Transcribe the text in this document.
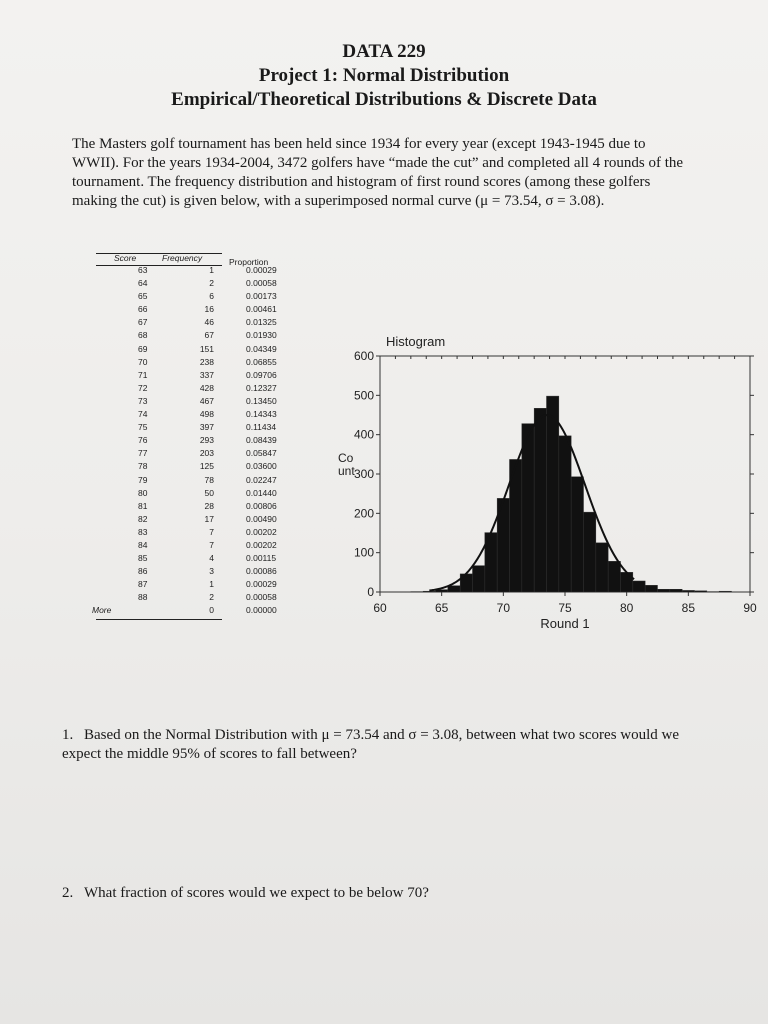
DATA 229

Project 1: Normal Distribution

Empirical/Theoretical Distributions & Discrete Data

The Masters golf tournament has been held since 1934 for every year (except 1943-1945 due to WWII). For the years 1934-2004, 3472 golfers have “made the cut” and completed all 4 rounds of the tournament. The frequency distribution and histogram of first round scores (among these golfers making the cut) is given below, with a superimposed normal curve (μ = 73.54, σ = 3.08).

Score	Frequency	Proportion
63	1	0.00029
64	2	0.00058
65	6	0.00173
66	16	0.00461
67	46	0.01325
68	67	0.01930
69	151	0.04349
70	238	0.06855
71	337	0.09706
72	428	0.12327
73	467	0.13450
74	498	0.14343
75	397	0.11434
76	293	0.08439
77	203	0.05847
78	125	0.03600
79	78	0.02247
80	50	0.01440
81	28	0.00806
82	17	0.00490
83	7	0.00202
84	7	0.00202
85	4	0.00115
86	3	0.00086
87	1	0.00029
88	2	0.00058
More	0	0.00000
0
100
200
300
400
500
600
60	65	70	75	80	85	90
Histogram
Co
unt
Round 1

1. Based on the Normal Distribution with μ = 73.54 and σ = 3.08, between what two scores would we expect the middle 95% of scores to fall between?

2. What fraction of scores would we expect to be below 70?
